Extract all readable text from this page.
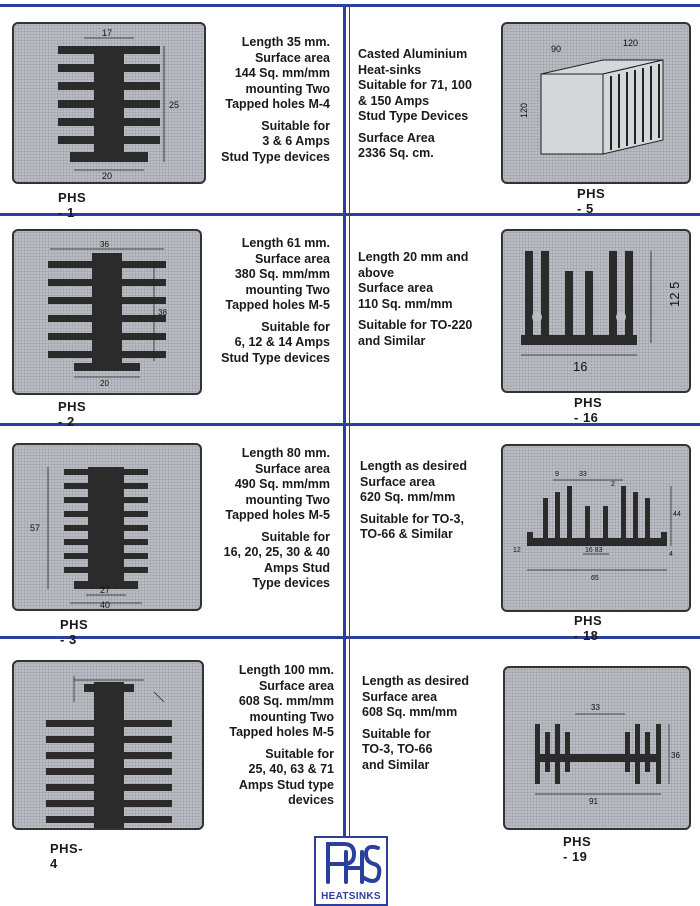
17
25
20

Length 35 mm.
Surface area
144 Sq. mm/mm
mounting Two
Tapped holes M-4

Suitable for
3 & 6 Amps
Stud Type devices

PHS - 1

Casted Aluminium
Heat-sinks
Suitable for 71, 100
& 150 Amps
Stud Type Devices

Surface Area
2336 Sq. cm.

90
120
120
PHS - 5
36
38
20

Length 61 mm.
Surface area
380 Sq. mm/mm
mounting Two
Tapped holes M-5

Suitable for
6, 12 & 14 Amps
Stud Type devices

PHS - 2

Length 20 mm and
above
Surface area
110 Sq. mm/mm

Suitable for TO-220
and Similar

16
12 5
PHS - 16
57
27
40

Length 80 mm.
Surface area
490 Sq. mm/mm
mounting Two
Tapped holes M-5

Suitable for
16, 20, 25, 30 & 40
Amps Stud
Type devices

PHS - 3

Length as desired
Surface area
620 Sq. mm/mm

Suitable for TO-3,
TO-66 & Similar

9	33
2
44
12	16 83
4
65
PHS - 18

Length 100 mm.
Surface area
608 Sq. mm/mm
mounting Two
Tapped holes M-5

Suitable for
25, 40, 63 & 71
Amps Stud type
devices

PHS-4

Length as desired
Surface area
608 Sq. mm/mm

Suitable for
TO-3, TO-66
and Similar

33
36
91
PHS - 19
HEATSINKS
